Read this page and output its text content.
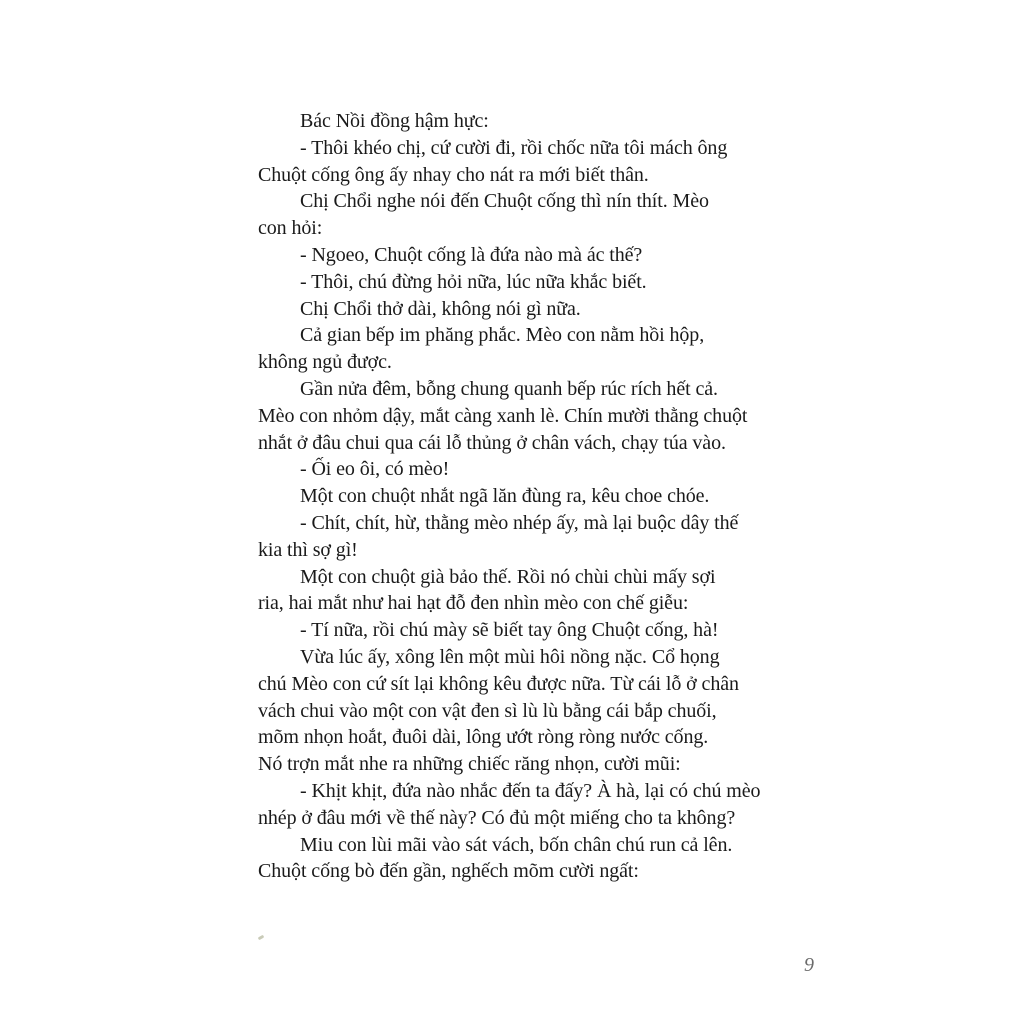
Bác Nồi đồng hậm hực:
- Thôi khéo chị, cứ cười đi, rồi chốc nữa tôi mách ông
Chuột cống ông ấy nhay cho nát ra mới biết thân.
Chị Chổi nghe nói đến Chuột cống thì nín thít. Mèo
con hỏi:
- Ngoeo, Chuột cống là đứa nào mà ác thế?
- Thôi, chú đừng hỏi nữa, lúc nữa khắc biết.
Chị Chổi thở dài, không nói gì nữa.
Cả gian bếp im phăng phắc. Mèo con nằm hồi hộp,
không ngủ được.
Gần nửa đêm, bỗng chung quanh bếp rúc rích hết cả.
Mèo con nhỏm dậy, mắt càng xanh lè. Chín mười thằng chuột
nhắt ở đâu chui qua cái lỗ thủng ở chân vách, chạy túa vào.
- Ối eo ôi, có mèo!
Một con chuột nhắt ngã lăn đùng ra, kêu choe chóe.
- Chít, chít, hừ, thằng mèo nhép ấy, mà lại buộc dây thế
kia thì sợ gì!
Một con chuột già bảo thế. Rồi nó chùi chùi mấy sợi
ria, hai mắt như hai hạt đỗ đen nhìn mèo con chế giễu:
- Tí nữa, rồi chú mày sẽ biết tay ông Chuột cống, hà!
Vừa lúc ấy, xông lên một mùi hôi nồng nặc. Cổ họng
chú Mèo con cứ sít lại không kêu được nữa. Từ cái lỗ ở chân
vách chui vào một con vật đen sì lù lù bằng cái bắp chuối,
mõm nhọn hoắt, đuôi dài, lông ướt ròng ròng nước cống.
Nó trợn mắt nhe ra những chiếc răng nhọn, cười mũi:
- Khịt khịt, đứa nào nhắc đến ta đấy? À hà, lại có chú mèo
nhép ở đâu mới về thế này? Có đủ một miếng cho ta không?
Miu con lùi mãi vào sát vách, bốn chân chú run cả lên.
Chuột cống bò đến gần, nghếch mõm cười ngất:
9
